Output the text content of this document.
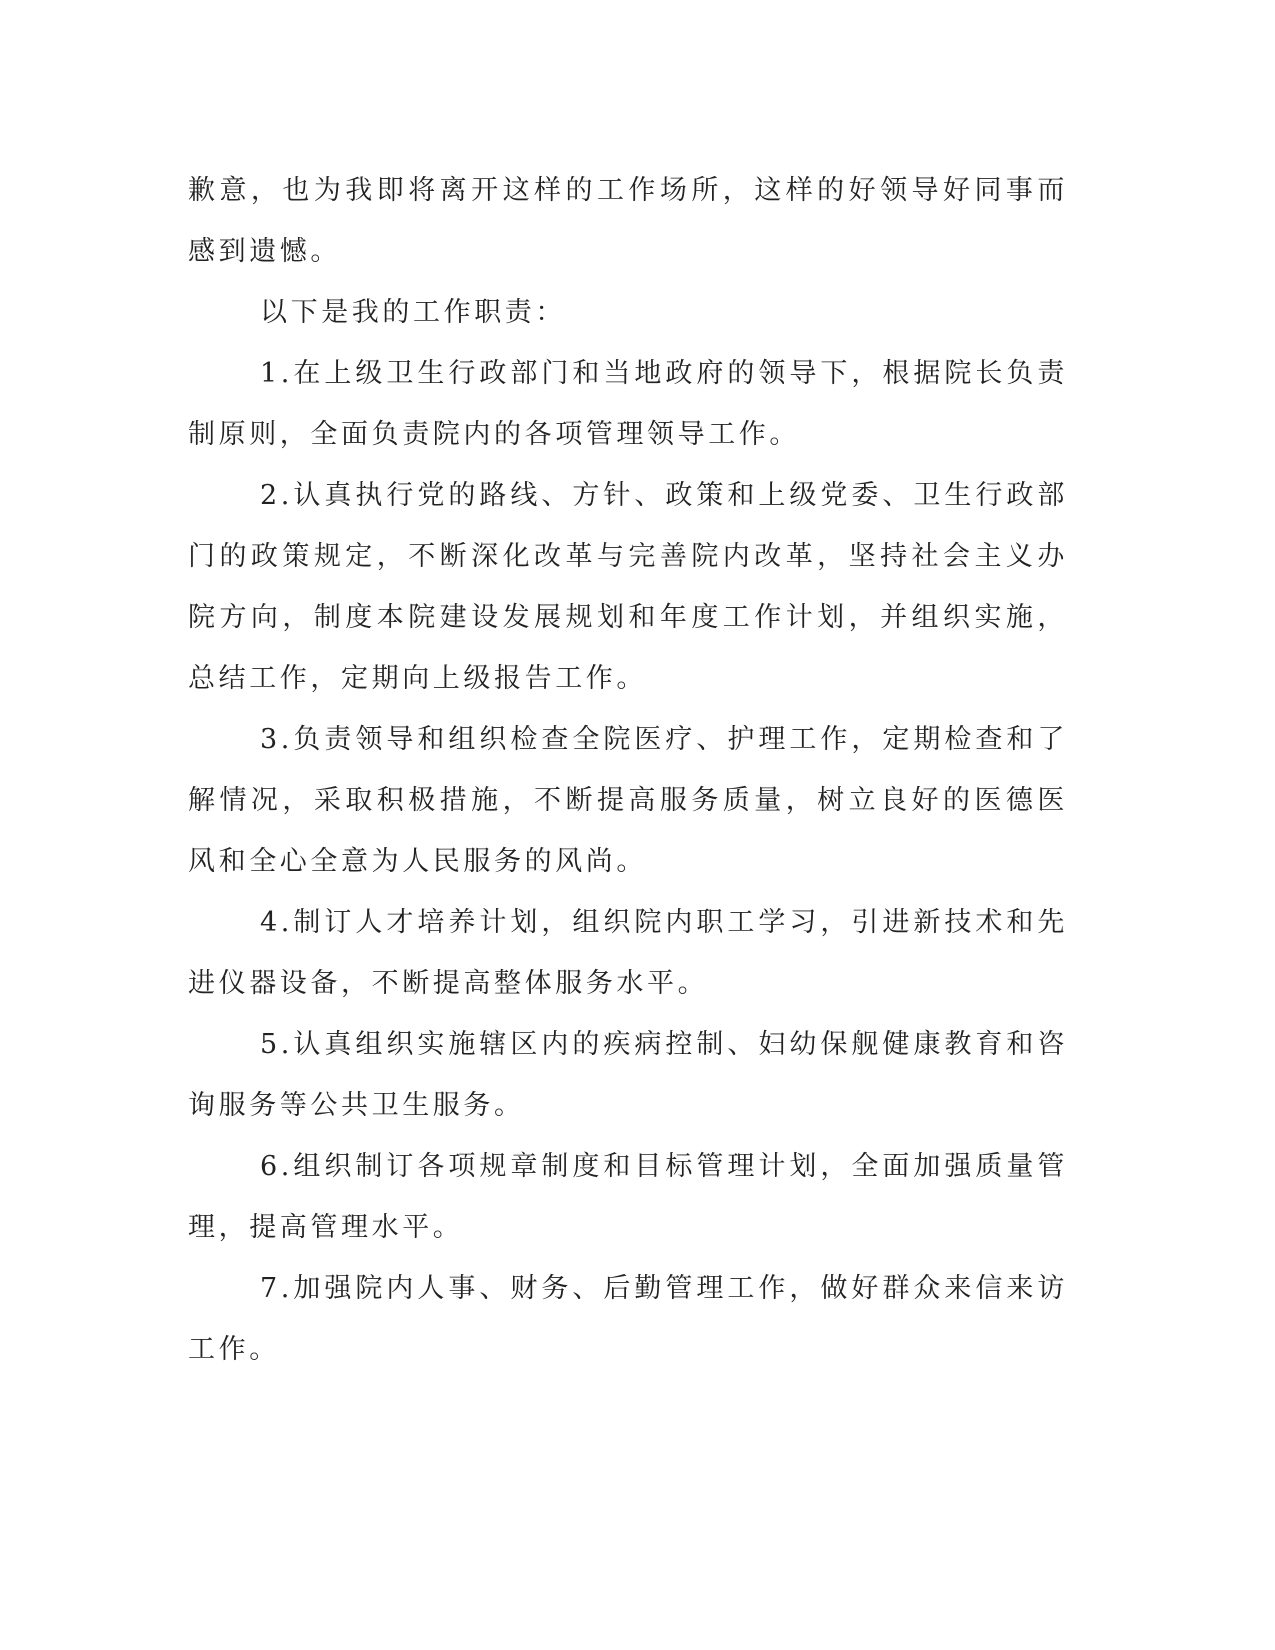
歉意，也为我即将离开这样的工作场所，这样的好领导好同事而感到遗憾。

以下是我的工作职责：

1.在上级卫生行政部门和当地政府的领导下，根据院长负责制原则，全面负责院内的各项管理领导工作。

2.认真执行党的路线、方针、政策和上级党委、卫生行政部门的政策规定，不断深化改革与完善院内改革，坚持社会主义办院方向，制度本院建设发展规划和年度工作计划，并组织实施，总结工作，定期向上级报告工作。

3.负责领导和组织检查全院医疗、护理工作，定期检查和了解情况，采取积极措施，不断提高服务质量，树立良好的医德医风和全心全意为人民服务的风尚。

4.制订人才培养计划，组织院内职工学习，引进新技术和先进仪器设备，不断提高整体服务水平。

5.认真组织实施辖区内的疾病控制、妇幼保舰健康教育和咨询服务等公共卫生服务。

6.组织制订各项规章制度和目标管理计划，全面加强质量管理，提高管理水平。

7.加强院内人事、财务、后勤管理工作，做好群众来信来访工作。
